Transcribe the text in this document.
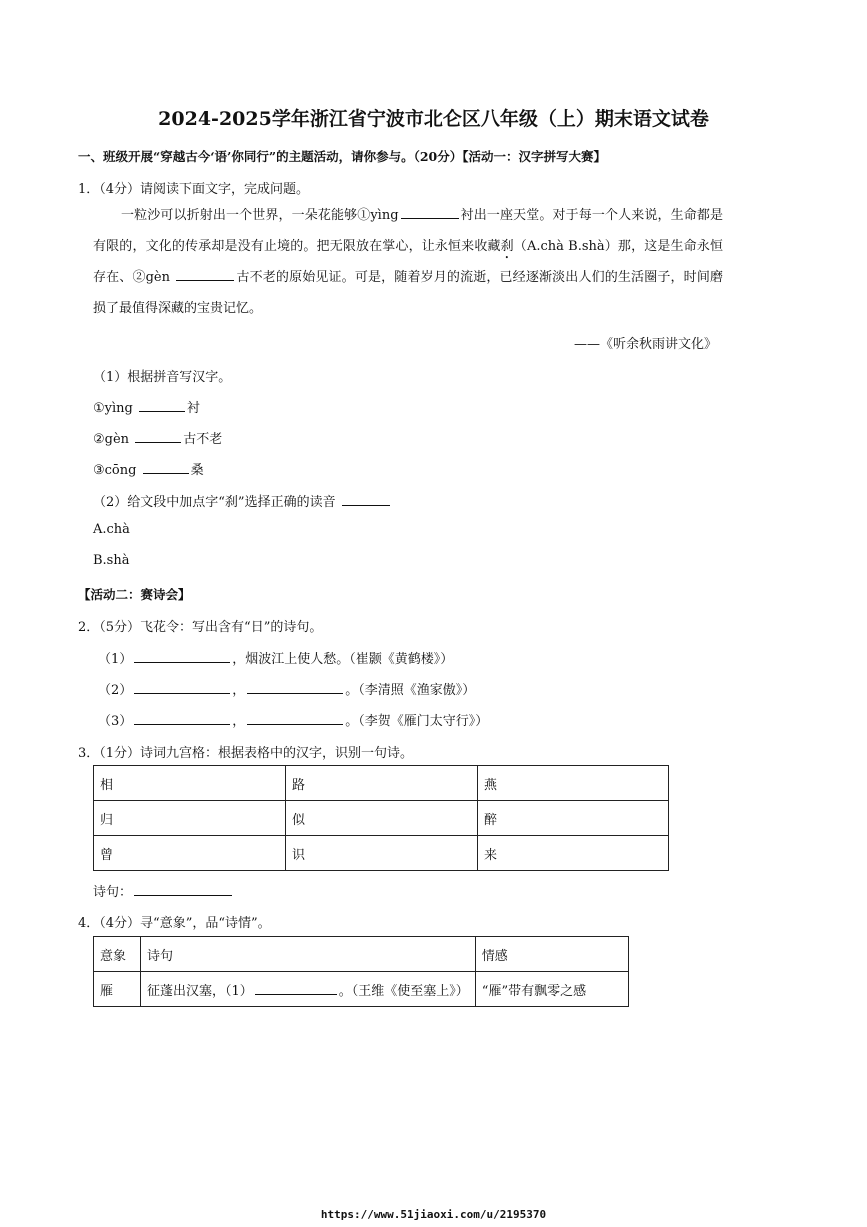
2024-2025学年浙江省宁波市北仑区八年级（上）期末语文试卷
一、班级开展“穿越古今‘语’你同行”的主题活动，请你参与。（20分）【活动一：汉字拼写大赛】
1．（4分）请阅读下面文字，完成问题。
一粒沙可以折射出一个世界，一朵花能够①yìng	衬出一座天堂。对于每一个人来说，生命都是有限的，文化的传承却是没有止境的。把无限放在掌心，让永恒来收藏刹（A.chà B.shà）那，这是生命永恒存在、②gèn	古不老的原始见证。可是，随着岁月的流逝，已经逐渐淡出人们的生活圈子，时间磨损了最值得深藏的宝贵记忆。
——《听余秋雨讲文化》
（1）根据拼音写汉字。
①yìng	衬
②gèn	古不老
③cōng	桑
（2）给文段中加点字“刹”选择正确的读音
A.chà
B.shà
【活动二：赛诗会】
2．（5分）飞花令：写出含有“日”的诗句。
（1）	，烟波江上使人愁。（崔颢《黄鹤楼》）
（2）	，	。（李清照《渔家傲》）
（3）	，	。（李贺《雁门太守行》）
3．（1分）诗词九宫格：根据表格中的汉字，识别一句诗。
相	路	燕
归	似	醉
曾	识	来
诗句：
4．（4分）寻“意象”，品“诗情”。
意象	诗句	情感
雁	征蓬出汉塞，（1） 。（王维《使至塞上》）	“雁”带有飘零之感
https://www.51jiaoxi.com/u/2195370
